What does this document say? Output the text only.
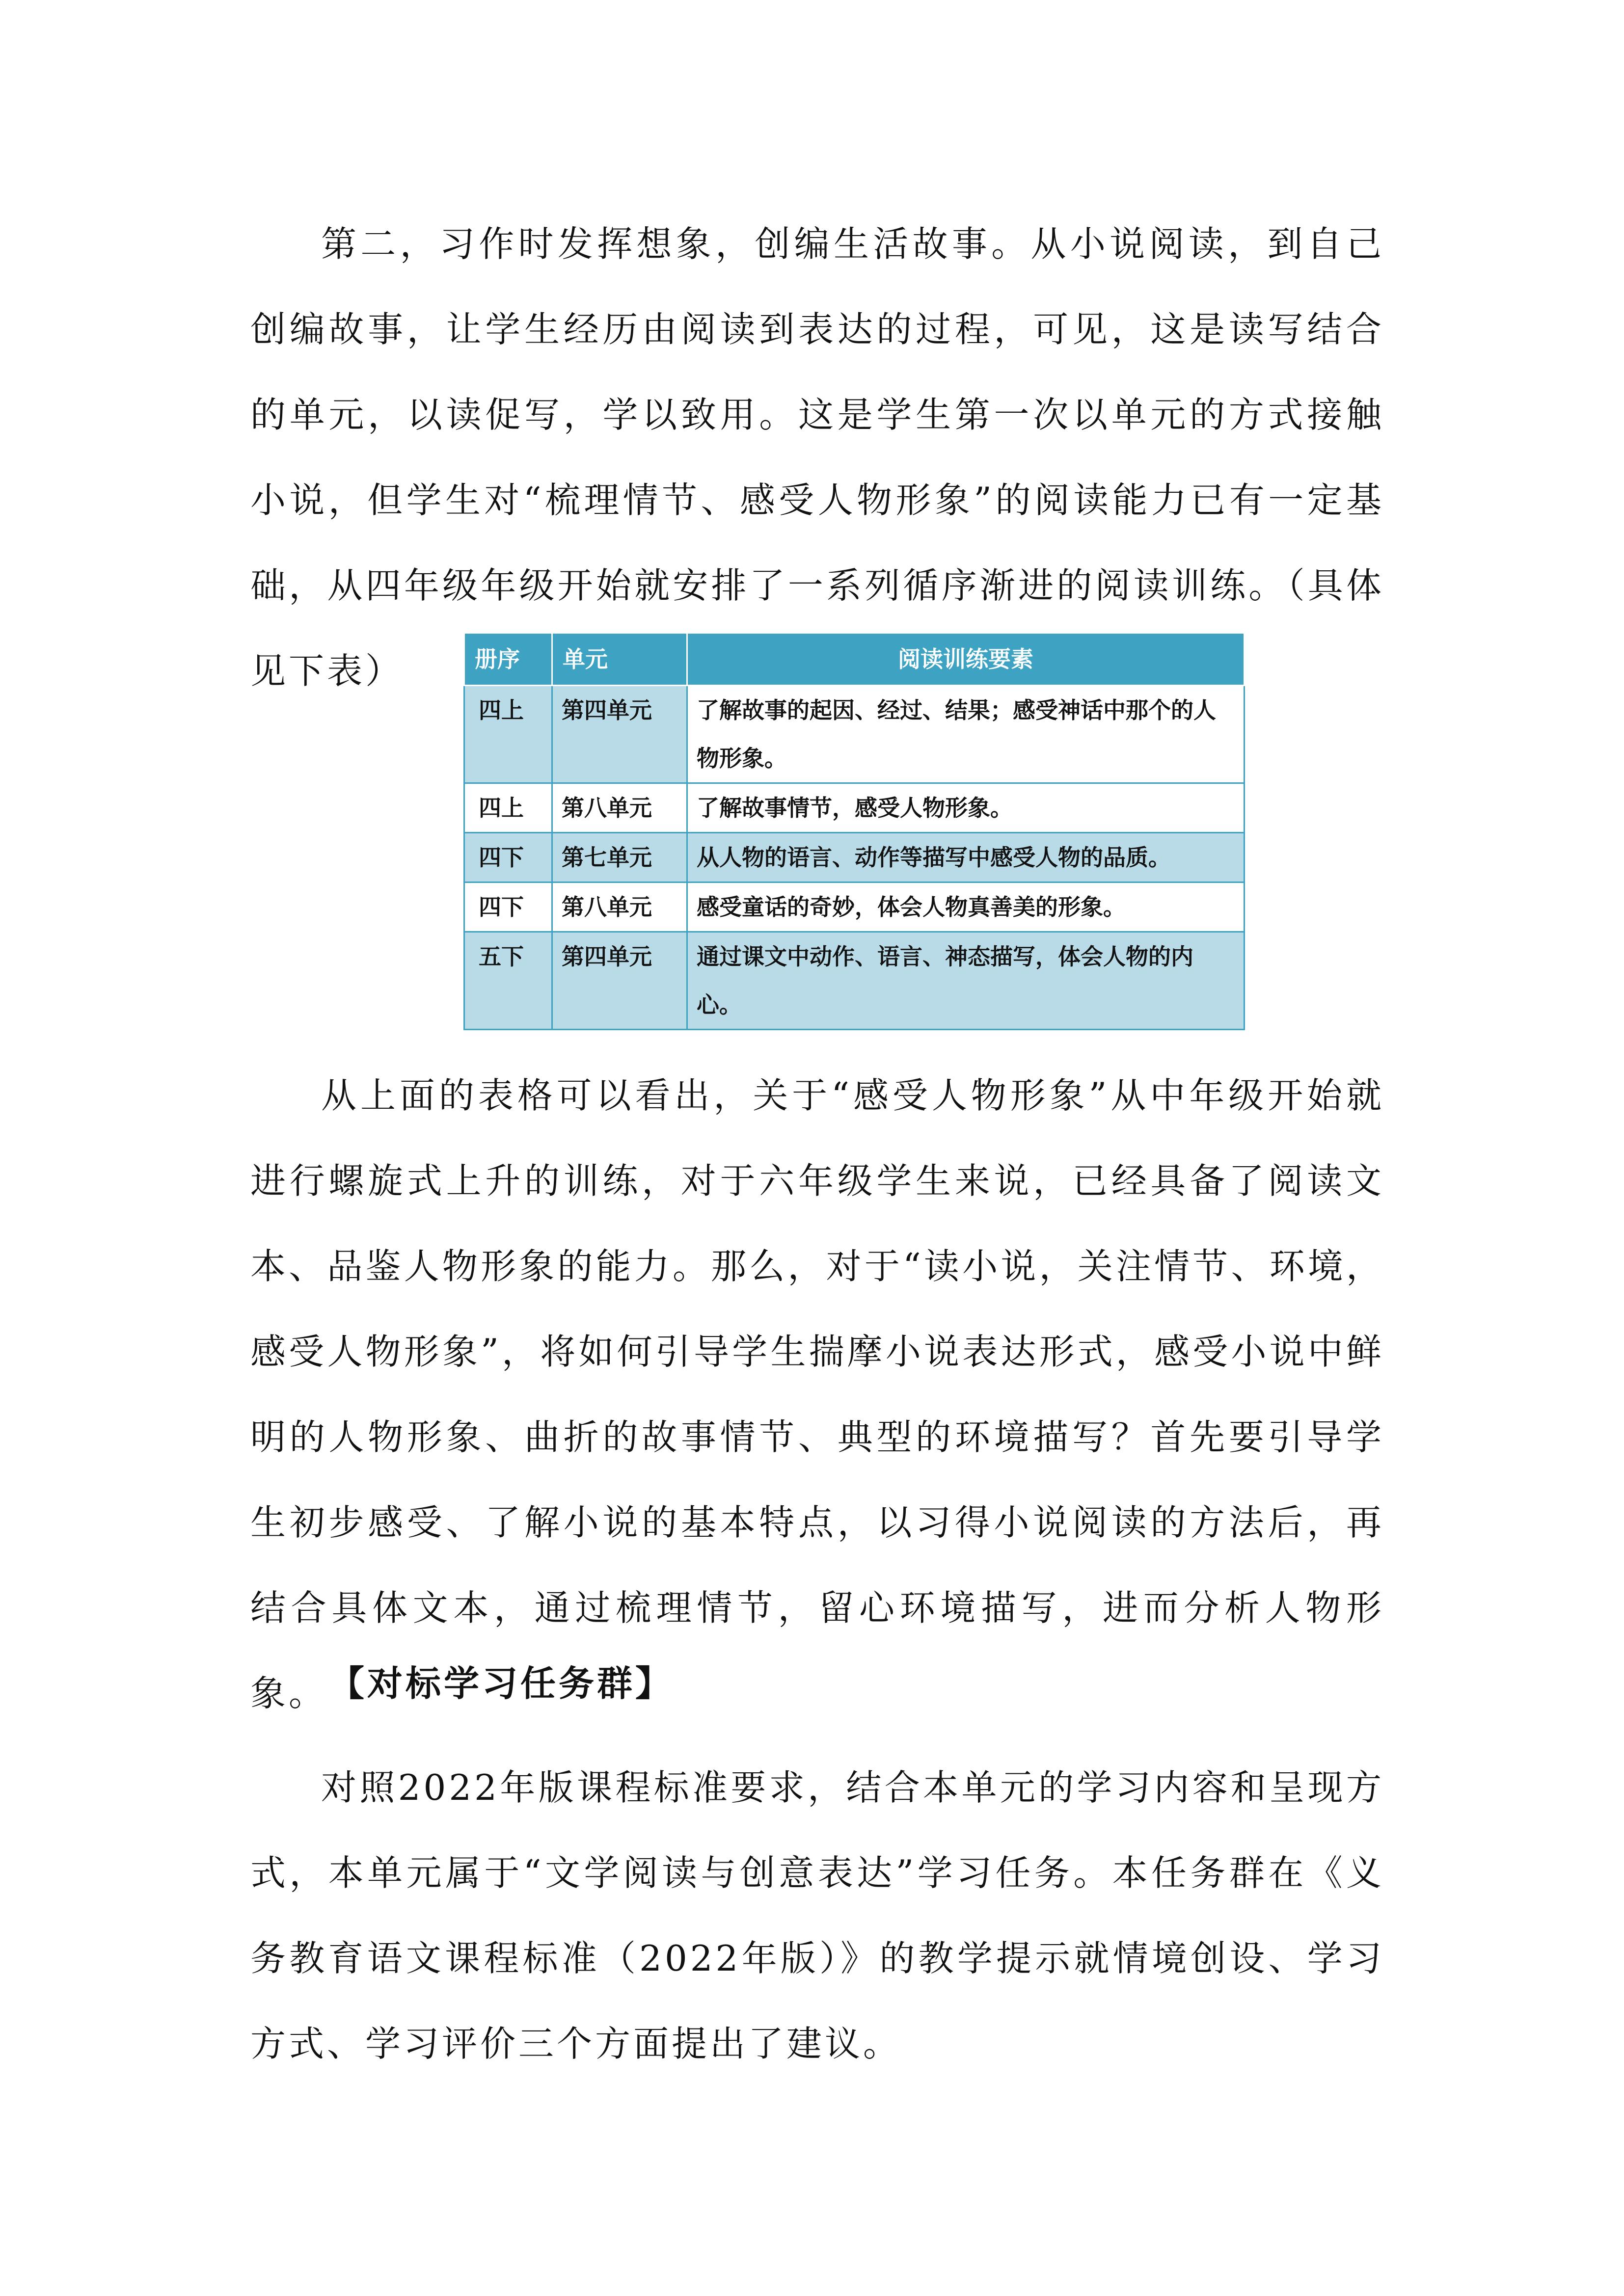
第二，习作时发挥想象，创编生活故事。从小说阅读，到自己创编故事，让学生经历由阅读到表达的过程，可见，这是读写结合的单元，以读促写，学以致用。这是学生第一次以单元的方式接触小说，但学生对“梳理情节、感受人物形象”的阅读能力已有一定基础，从四年级年级开始就安排了一系列循序渐进的阅读训练。（具体见下表）	册序	单元	阅读训练要素
四上	第四单元	了解故事的起因、经过、结果；感受神话中那个的人物形象。
四上	第八单元	了解故事情节，感受人物形象。
四下	第七单元	从人物的语言、动作等描写中感受人物的品质。
四下	第八单元	感受童话的奇妙，体会人物真善美的形象。
五下	第四单元	通过课文中动作、语言、神态描写，体会人物的内心。

从上面的表格可以看出，关于“感受人物形象”从中年级开始就进行螺旋式上升的训练，对于六年级学生来说，已经具备了阅读文本、品鉴人物形象的能力。那么，对于“读小说，关注情节、环境，感受人物形象”，将如何引导学生揣摩小说表达形式，感受小说中鲜明的人物形象、曲折的故事情节、典型的环境描写？首先要引导学生初步感受、了解小说的基本特点，以习得小说阅读的方法后，再结合具体文本，通过梳理情节，留心环境描写，进而分析人物形象。 【对标学习任务群】

对照2022年版课程标准要求，结合本单元的学习内容和呈现方式，本单元属于“文学阅读与创意表达”学习任务。本任务群在《义务教育语文课程标准（2022年版）》的教学提示就情境创设、学习方式、学习评价三个方面提出了建议。
